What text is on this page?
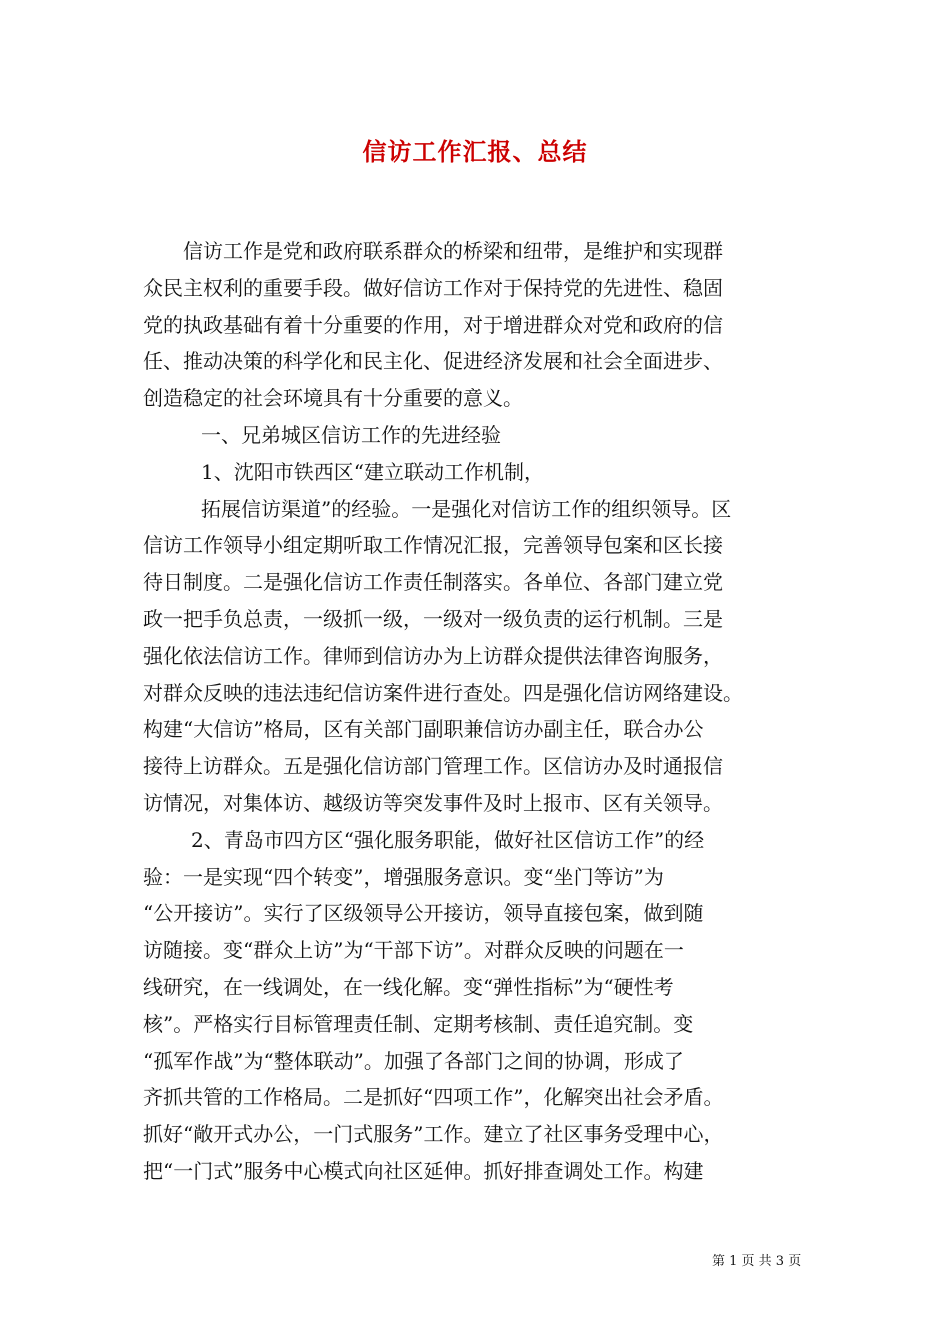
信访工作汇报、总结
信访工作是党和政府联系群众的桥梁和纽带，是维护和实现群
众民主权利的重要手段。做好信访工作对于保持党的先进性、稳固
党的执政基础有着十分重要的作用，对于增进群众对党和政府的信
任、推动决策的科学化和民主化、促进经济发展和社会全面进步、
创造稳定的社会环境具有十分重要的意义。
一、兄弟城区信访工作的先进经验
1、沈阳市铁西区“建立联动工作机制，
拓展信访渠道”的经验。一是强化对信访工作的组织领导。区
信访工作领导小组定期听取工作情况汇报，完善领导包案和区长接
待日制度。二是强化信访工作责任制落实。各单位、各部门建立党
政一把手负总责，一级抓一级，一级对一级负责的运行机制。三是
强化依法信访工作。律师到信访办为上访群众提供法律咨询服务，
对群众反映的违法违纪信访案件进行查处。四是强化信访网络建设。
构建“大信访”格局，区有关部门副职兼信访办副主任，联合办公
接待上访群众。五是强化信访部门管理工作。区信访办及时通报信
访情况，对集体访、越级访等突发事件及时上报市、区有关领导。
2、青岛市四方区“强化服务职能，做好社区信访工作”的经
验：一是实现“四个转变”，增强服务意识。变“坐门等访”为
“公开接访”。实行了区级领导公开接访，领导直接包案，做到随
访随接。变“群众上访”为“干部下访”。对群众反映的问题在一
线研究，在一线调处，在一线化解。变“弹性指标”为“硬性考
核”。严格实行目标管理责任制、定期考核制、责任追究制。变
“孤军作战”为“整体联动”。加强了各部门之间的协调，形成了
齐抓共管的工作格局。二是抓好“四项工作”，化解突出社会矛盾。
抓好“敞开式办公，一门式服务”工作。建立了社区事务受理中心，
把“一门式”服务中心模式向社区延伸。抓好排查调处工作。构建
第 1 页 共 3 页
